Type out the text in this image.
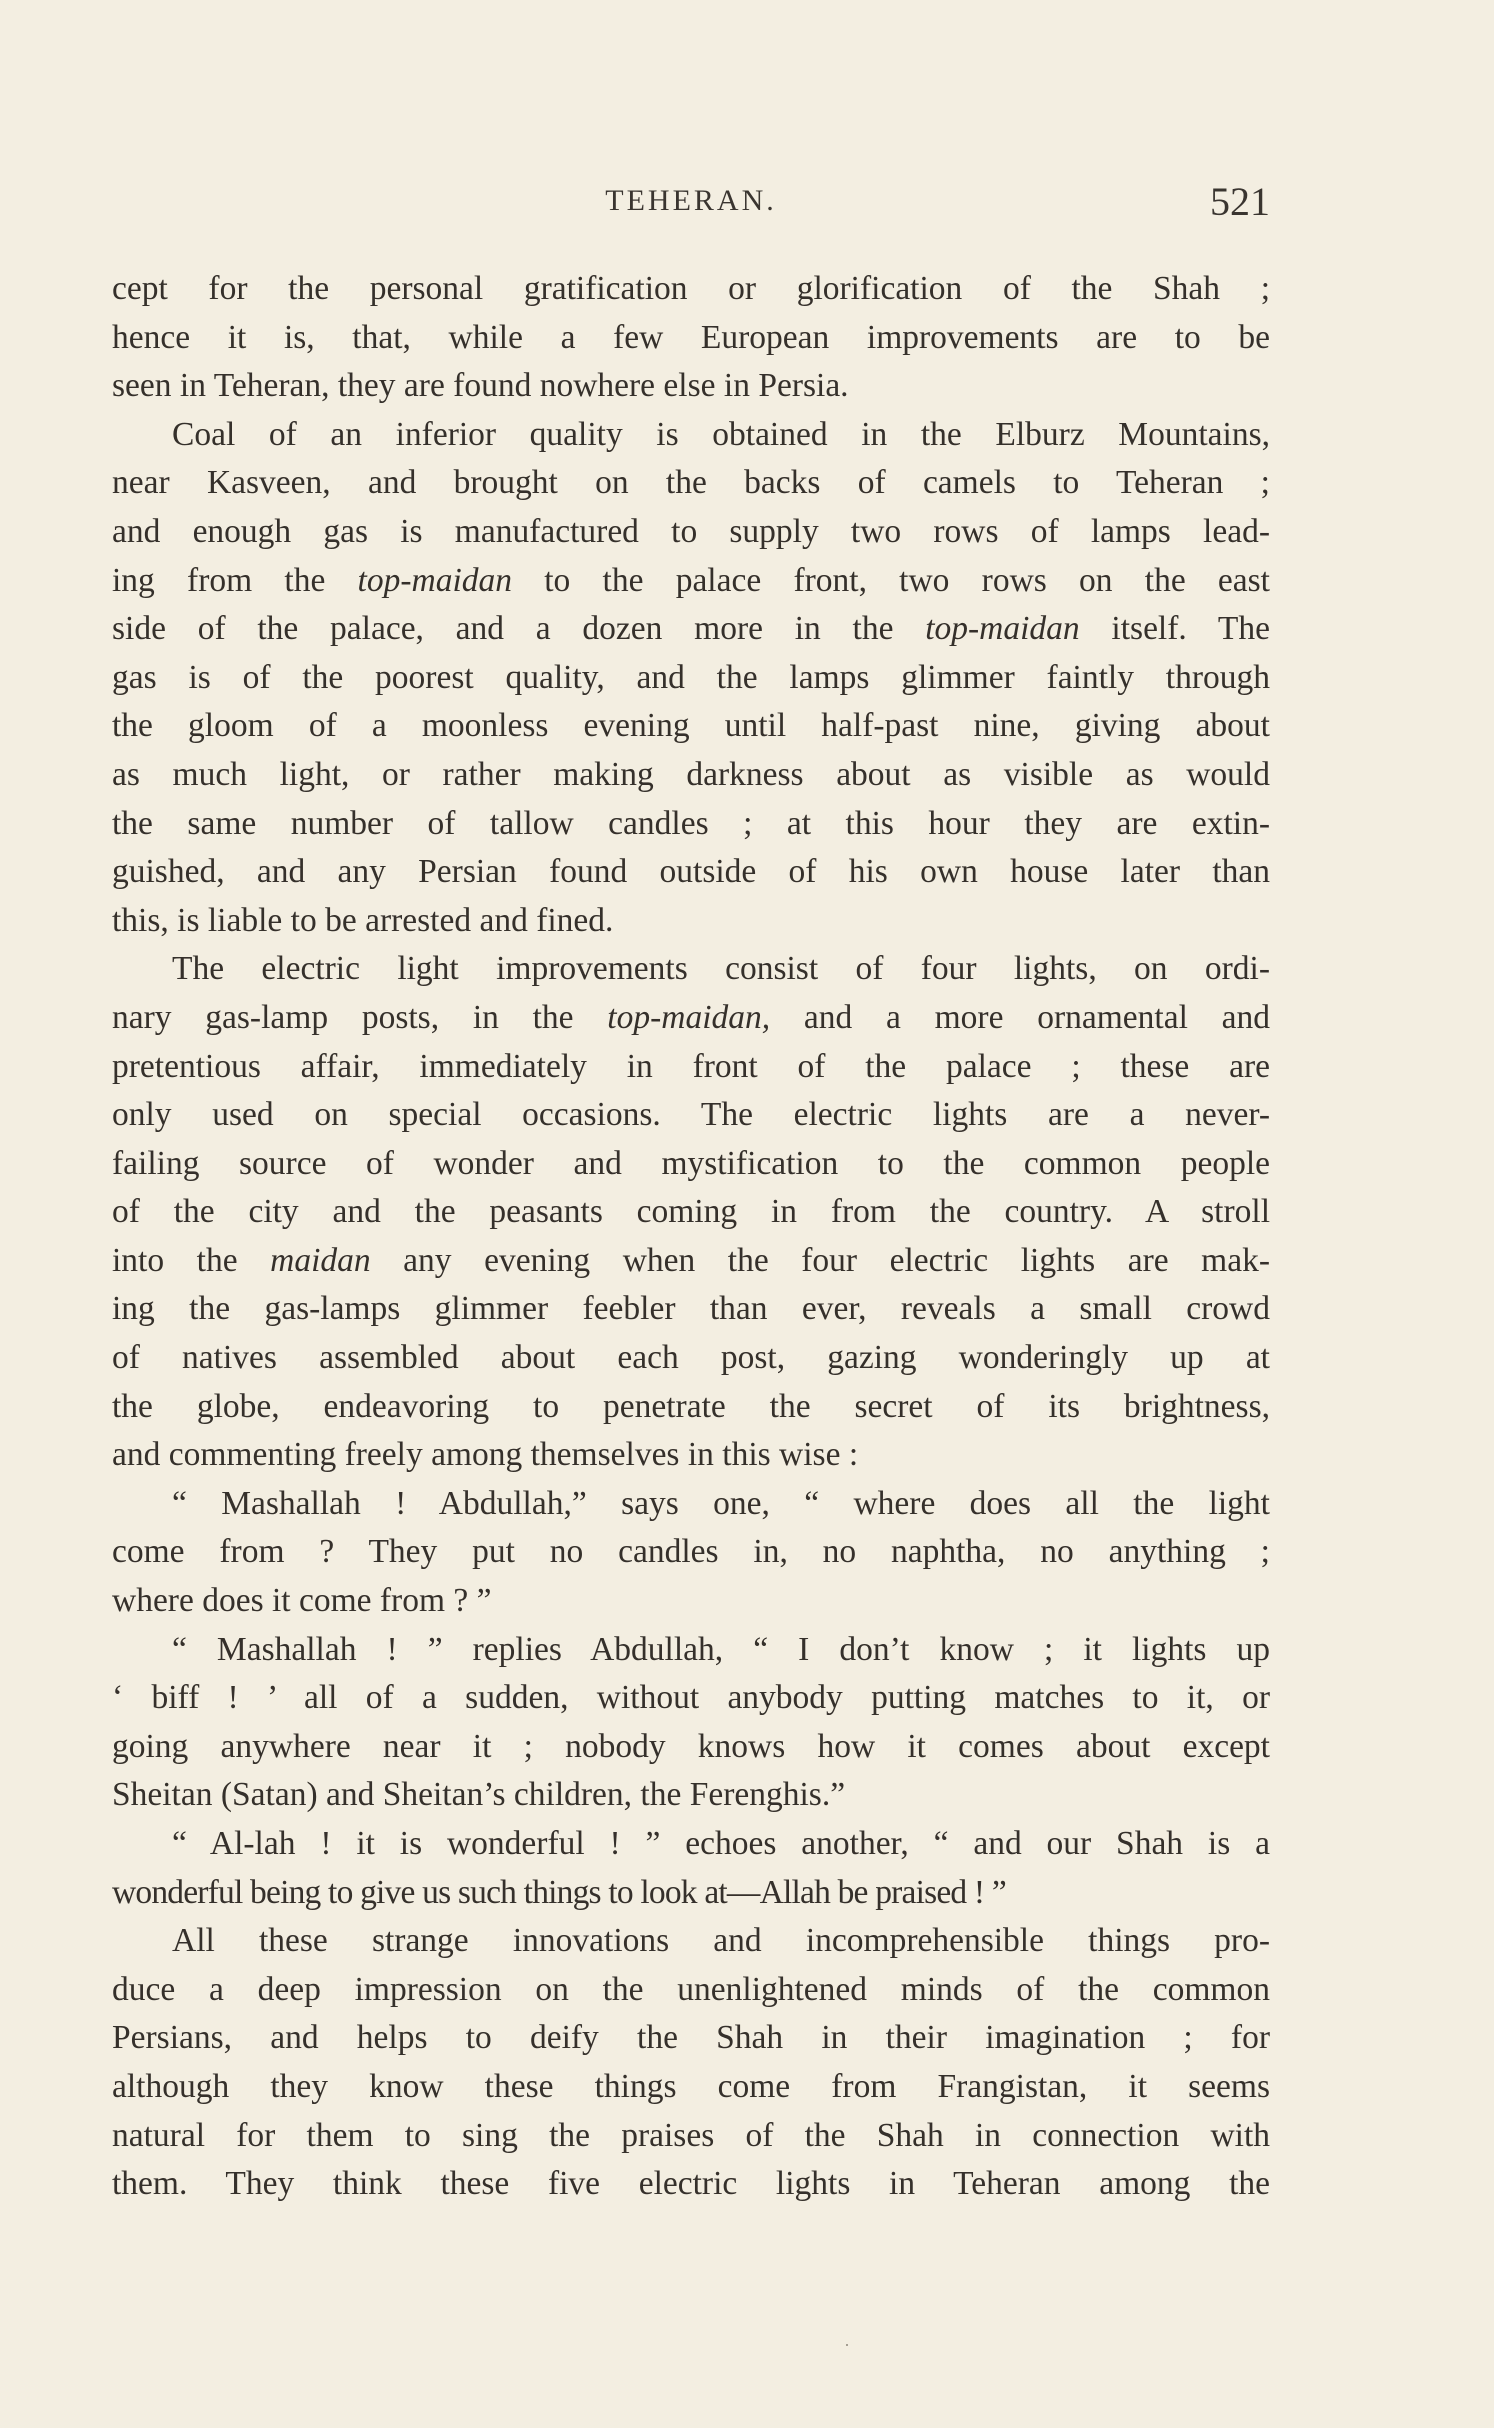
TEHERAN.	521
cept for the personal gratification or glorification of the Shah ;
hence it is, that, while a few European improvements are to be
seen in Teheran, they are found nowhere else in Persia.
Coal of an inferior quality is obtained in the Elburz Mountains,
near Kasveen, and brought on the backs of camels to Teheran ;
and enough gas is manufactured to supply two rows of lamps lead-
ing from the top-maidan to the palace front, two rows on the east
side of the palace, and a dozen more in the top-maidan itself. The
gas is of the poorest quality, and the lamps glimmer faintly through
the gloom of a moonless evening until half-past nine, giving about
as much light, or rather making darkness about as visible as would
the same number of tallow candles ; at this hour they are extin-
guished, and any Persian found outside of his own house later than
this, is liable to be arrested and fined.
The electric light improvements consist of four lights, on ordi-
nary gas-lamp posts, in the top-maidan, and a more ornamental and
pretentious affair, immediately in front of the palace ; these are
only used on special occasions. The electric lights are a never-
failing source of wonder and mystification to the common people
of the city and the peasants coming in from the country. A stroll
into the maidan any evening when the four electric lights are mak-
ing the gas-lamps glimmer feebler than ever, reveals a small crowd
of natives assembled about each post, gazing wonderingly up at
the globe, endeavoring to penetrate the secret of its brightness,
and commenting freely among themselves in this wise :
“ Mashallah ! Abdullah,” says one, “ where does all the light
come from ? They put no candles in, no naphtha, no anything ;
where does it come from ? ”
“ Mashallah ! ” replies Abdullah, “ I don’t know ; it lights up
‘ biff ! ’ all of a sudden, without anybody putting matches to it, or
going anywhere near it ; nobody knows how it comes about except
Sheitan (Satan) and Sheitan’s children, the Ferenghis.”
“ Al-lah ! it is wonderful ! ” echoes another, “ and our Shah is a
wonderful being to give us such things to look at—Allah be praised ! ”
All these strange innovations and incomprehensible things pro-
duce a deep impression on the unenlightened minds of the common
Persians, and helps to deify the Shah in their imagination ; for
although they know these things come from Frangistan, it seems
natural for them to sing the praises of the Shah in connection with
them. They think these five electric lights in Teheran among the
